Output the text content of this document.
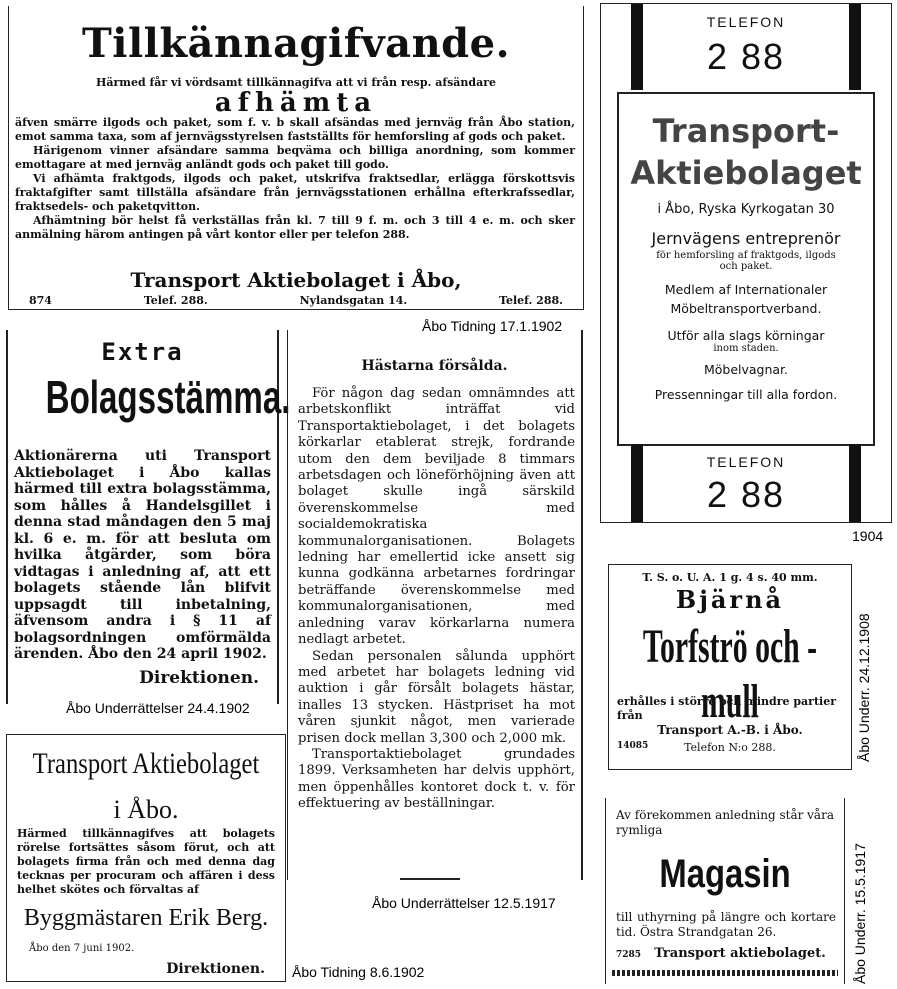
Tillkännagifvande.
Härmed får vi vördsamt tillkännagifva att vi från resp. afsändare
afhämta

äfven smärre ilgods och paket, som f. v. b skall afsändas med jernväg från Åbo station, emot samma taxa, som af jernvägsstyrelsen fastställts för hemforsling af gods och paket.

Härigenom vinner afsändare samma beqväma och billiga anordning, som kommer emottagare at med jernväg anländt gods och paket till godo.

Vi afhämta fraktgods, ilgods och paket, utskrifva fraktsedlar, erlägga förskottsvis fraktafgifter samt tillställa afsändare från jernvägsstationen erhållna efterkrafssedlar, fraktsedels- och paketqvitton.

Afhämtning bör helst få verkställas från kl. 7 till 9 f. m. och 3 till 4 e. m. och sker anmälning härom antingen på vårt kontor eller per telefon 288.

Transport Aktiebolaget i Åbo,
874	Telef. 288.	Nylandsgatan 14.	Telef. 288.
Åbo Tidning 17.1.1902
TELEFON
2 88
Transport-
Aktiebolaget
i Åbo, Ryska Kyrkogatan 30
Jernvägens entreprenör
för hemforsling af fraktgods, ilgods och paket.
Medlem af Internationaler Möbeltransportverband.
Utför alla slags körningar
inom staden.
Möbelvagnar.
Pressenningar till alla fordon.
TELEFON
2 88
1904
Extra
Bolagsstämma.
Aktionärerna uti Transport Aktiebolaget i Åbo kallas härmed till extra bolagsstämma, som hålles å Handelsgillet i denna stad måndagen den 5 maj kl. 6 e. m. för att besluta om hvilka åtgärder, som böra vidtagas i anledning af, att ett bolagets stående lån blifvit uppsagdt till inbetalning, äfvensom andra i § 11 af bolagsordningen omförmälda ärenden. Åbo den 24 april 1902.
Direktionen.
Åbo Underrättelser 24.4.1902
Hästarna försålda.

För någon dag sedan omnämndes att arbetskonflikt inträffat vid Transportaktiebolaget, i det bolagets körkarlar etablerat strejk, fordrande utom den dem beviljade 8 timmars arbetsdagen och löneförhöjning även att bolaget skulle ingå särskild överenskommelse med socialdemokratiska kommunalorganisationen. Bolagets ledning har emellertid icke ansett sig kunna godkänna arbetarnes fordringar beträffande överenskommelse med kommunalorganisationen, med anledning varav körkarlarna numera nedlagt arbetet.

Sedan personalen sålunda upphört med arbetet har bolagets ledning vid auktion i går försålt bolagets hästar, inalles 13 stycken. Hästpriset ha mot våren sjunkit något, men varierade prisen dock mellan 3,300 och 2,000 mk.

Transportaktiebolaget grundades 1899. Verksamheten har delvis upphört, men öppenhålles kontoret dock t. v. för effektuering av beställningar.

Åbo Underrättelser 12.5.1917
Transport Aktiebolaget
i Åbo.
Härmed tillkännagifves att bolagets rörelse fortsättes såsom förut, och att bolagets firma från och med denna dag tecknas per procuram och affären i dess helhet skötes och förvaltas af
Byggmästaren Erik Berg.
Åbo den 7 juni 1902.
Direktionen. Åbo Tidning 8.6.1902
T. S. o. U. A. 1 g. 4 s. 40 mm.
Bjärnå
Torfströ och -mull
erhålles i större och mindre partier från
Transport A.-B. i Åbo.
14085	Telefon N:o 288.	Åbo Underr. 24.12.1908
Av förekommen anledning står våra rymliga
Magasin
till uthyrning på längre och kortare tid. Östra Strandgatan 26.
7285	Transport aktiebolaget.	Åbo Underr. 15.5.1917
